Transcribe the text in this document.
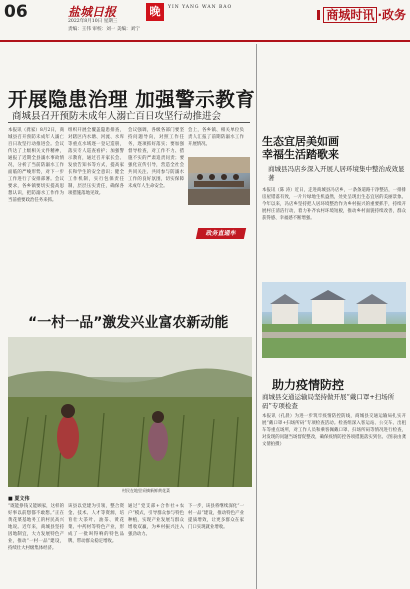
06	盐城日报
2022年8月10日 星期三
责编：王伟 审校：刘一 美编：刘宁
晚	YIN YANG WAN BAO
商城时讯 ·政务
开展隐患治理 加强警示教育
商城县召开预防未成年人溺亡百日攻坚行动推进会
本报讯（龚家）8月2日，商城县召开预防未成年人溺亡百日攻坚行动推进会。会议传达了上级相关文件精神，通报了近期全县溺水事故情况，分析了当前防溺水工作面临的严峻形势，对下一步工作进行了安排部署。会议要求，各乡镇要切实提高思想认识，把防溺水工作作为当前重要政治任务来抓。
组织开展全覆盖隐患排查，对辖区内水塘、河流、水库等重点水域逐一登记造册，落实专人巡查看护；加强警示教育，通过召开家长会、发放告知书等方式，提高家长和学生的安全意识；健全工作机制，实行包保责任制，层层压实责任，确保各项措施落地见效。
会议强调，各级各部门要坚持问题导向，对照工作任务，逐项抓好落实；要加强督导检查，对工作不力、措施不实的严肃追责问责；要强化宣传引导，营造全社会共同关注、共同参与防溺水工作的良好氛围，切实保障未成年人生命安全。
会上，各乡镇、相关单位负责人汇报了前期防溺水工作开展情况。
政务直通车
“一村一品”激发兴业富农新动能
村民在地里采摘新鲜黄花菜
■ 夏文伟
“既能挣钱又能顾家，这样的好事以前想都不敢想。”正在黄花菜基地务工的村民高兴地说。近年来，商城县坚持因地制宜，大力发展特色产业，推动“一村一品”建设，持续壮大村级集体经济。
该县以党建为引领，整合资金、技术、人才等资源，培育壮大茶叶、油茶、黄花菜、中药材等特色产业，形成了一批叫得响的特色品牌，带动群众稳定增收。
通过“党支部+合作社+农户”模式，引导群众参与特色种植，实现产业发展与群众增收双赢，为乡村振兴注入强劲动力。
下一步，该县将继续深化“一村一品”建设，推动特色产业提质增效，让更多群众在家门口实现就业增收。
生态宜居美如画
幸福生活踏歌来
商城县冯店乡深入开展人居环境集中整治成效显著
本报讯（陈 涛）近日，走进商城县冯店乡，一条条道路干净整洁，一排排房屋错落有致，一片片绿地生机盎然，处处呈现出生态宜居的美丽景象。今年以来，冯店乡坚持把人居环境整治作为乡村振兴的重要抓手，持续开展村庄清洁行动，着力补齐农村环境短板，推动乡村面貌持续改善，群众获得感、幸福感不断增强。
助力疫情防控
商城县交通运输局坚持做开展“戴口罩+扫场所码”专项检查
本报讯（孔晨）为进一步筑牢疫情防控防线，商城县交通运输局扎实开展“戴口罩+扫场所码”专项检查活动。检查组深入客运站、公交车、出租车等重点场所，对工作人员和乘客佩戴口罩、扫场所码等情况进行检查，对发现的问题当场督促整改，确保疫情防控各项措施落实到位。（图表由龚文倩拍摄）
